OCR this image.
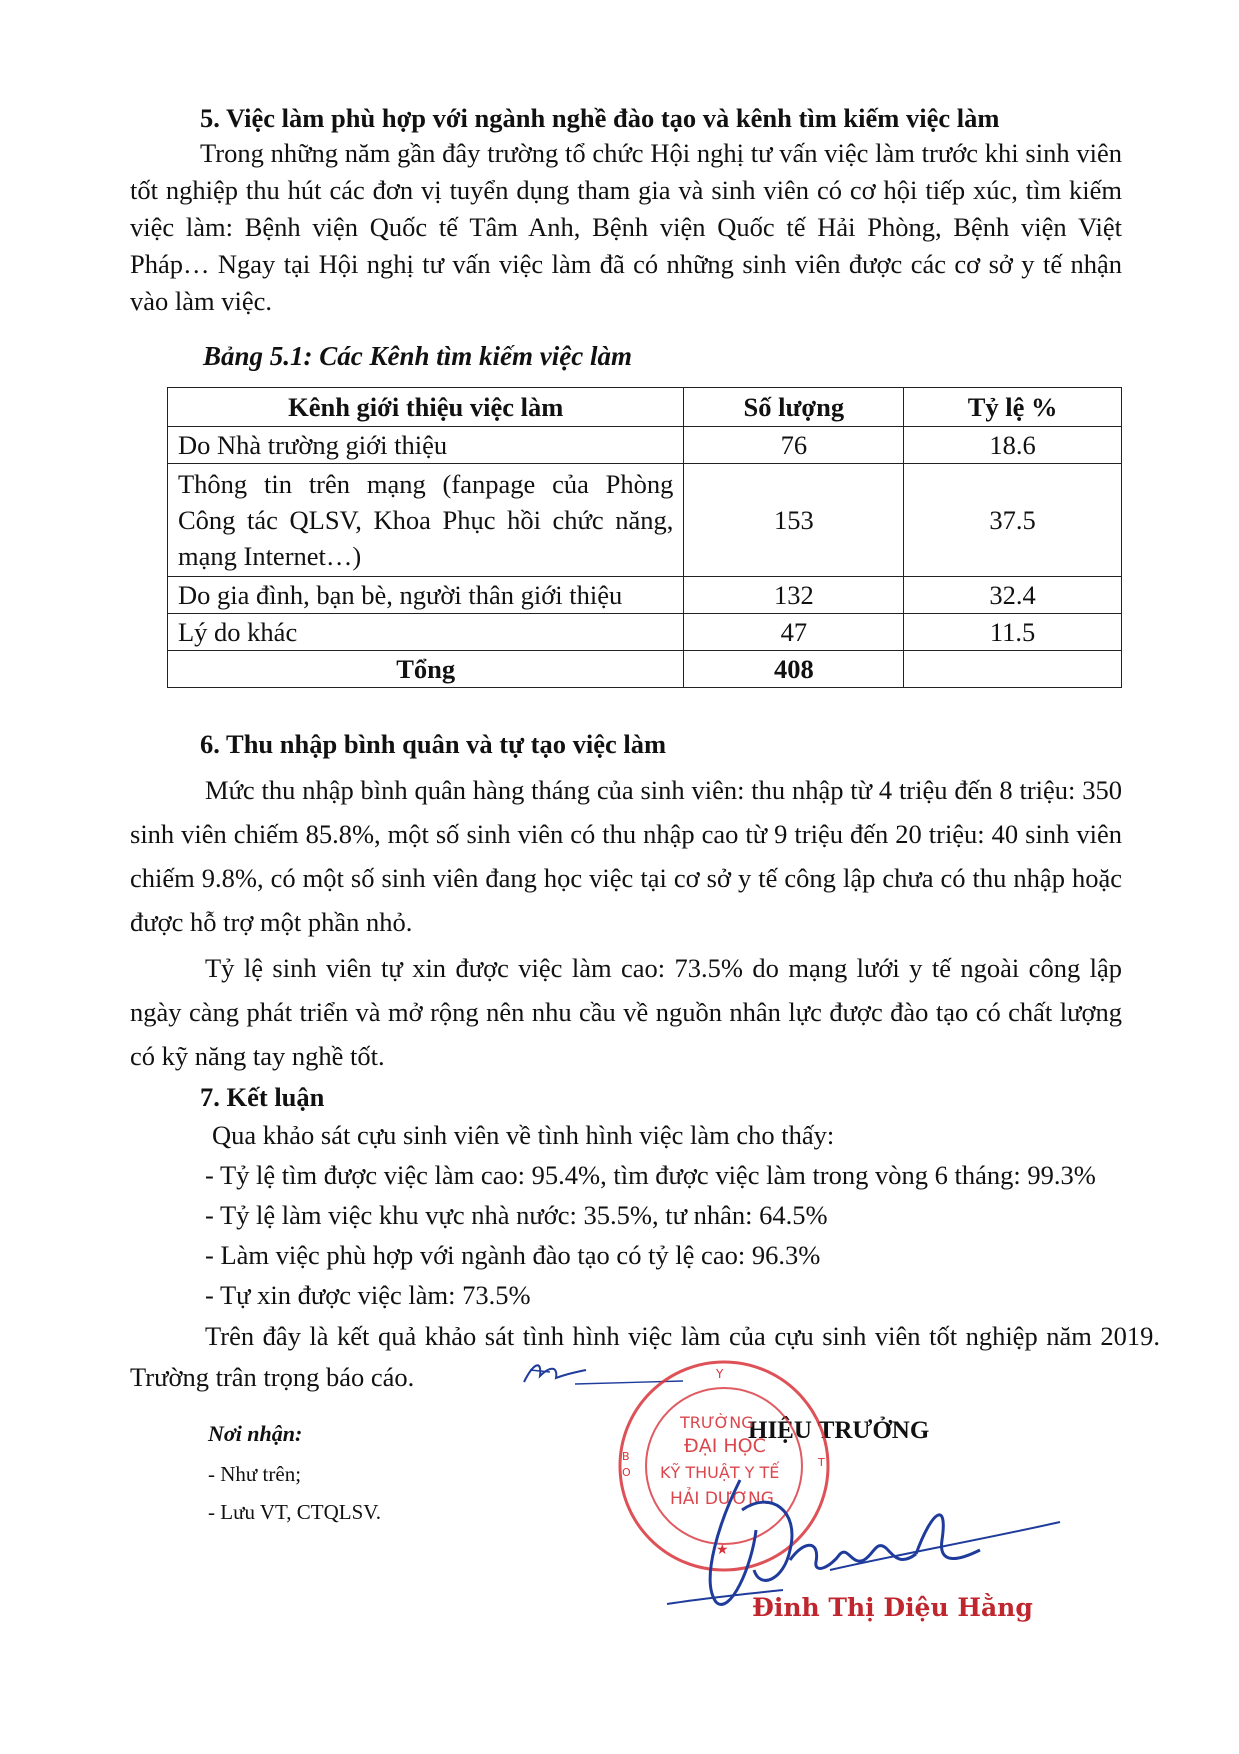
5. Việc làm phù hợp với ngành nghề đào tạo và kênh tìm kiếm việc làm
Trong những năm gần đây trường tổ chức Hội nghị tư vấn việc làm trước khi sinh viên tốt nghiệp thu hút các đơn vị tuyển dụng tham gia và sinh viên có cơ hội tiếp xúc, tìm kiếm việc làm: Bệnh viện Quốc tế Tâm Anh, Bệnh viện Quốc tế Hải Phòng, Bệnh viện Việt Pháp… Ngay tại Hội nghị tư vấn việc làm đã có những sinh viên được các cơ sở y tế nhận vào làm việc.
Bảng 5.1: Các Kênh tìm kiếm việc làm
Kênh giới thiệu việc làm	Số lượng	Tỷ lệ %
Do Nhà trường giới thiệu	76	18.6
Thông tin trên mạng (fanpage của Phòng Công tác QLSV, Khoa Phục hồi chức năng, mạng Internet…)	153	37.5
Do gia đình, bạn bè, người thân giới thiệu	132	32.4
Lý do khác	47	11.5
Tổng	408	
6. Thu nhập bình quân và tự tạo việc làm
Mức thu nhập bình quân hàng tháng của sinh viên: thu nhập từ 4 triệu đến 8 triệu: 350 sinh viên chiếm 85.8%, một số sinh viên có thu nhập cao từ 9 triệu đến 20 triệu: 40 sinh viên chiếm 9.8%, có một số sinh viên đang học việc tại cơ sở y tế công lập chưa có thu nhập hoặc được hỗ trợ một phần nhỏ.
Tỷ lệ sinh viên tự xin được việc làm cao: 73.5% do mạng lưới y tế ngoài công lập ngày càng phát triển và mở rộng nên nhu cầu về nguồn nhân lực được đào tạo có chất lượng có kỹ năng tay nghề tốt.
7. Kết luận
Qua khảo sát cựu sinh viên về tình hình việc làm cho thấy:
- Tỷ lệ tìm được việc làm cao: 95.4%, tìm được việc làm trong vòng 6 tháng: 99.3%
- Tỷ lệ làm việc khu vực nhà nước: 35.5%, tư nhân: 64.5%
- Làm việc phù hợp với ngành đào tạo có tỷ lệ cao: 96.3%
- Tự xin được việc làm: 73.5%
Trên đây là kết quả khảo sát tình hình việc làm của cựu sinh viên tốt nghiệp năm 2019. Trường trân trọng báo cáo.
Nơi nhận:
- Như trên;
- Lưu VT, CTQLSV.
HIỆU TRƯỞNG
TRƯỜNG
ĐẠI HỌC
KỸ THUẬT Y TẾ
HẢI DƯƠNG
★
Y
B
O
T
Đinh Thị Diệu Hằng
